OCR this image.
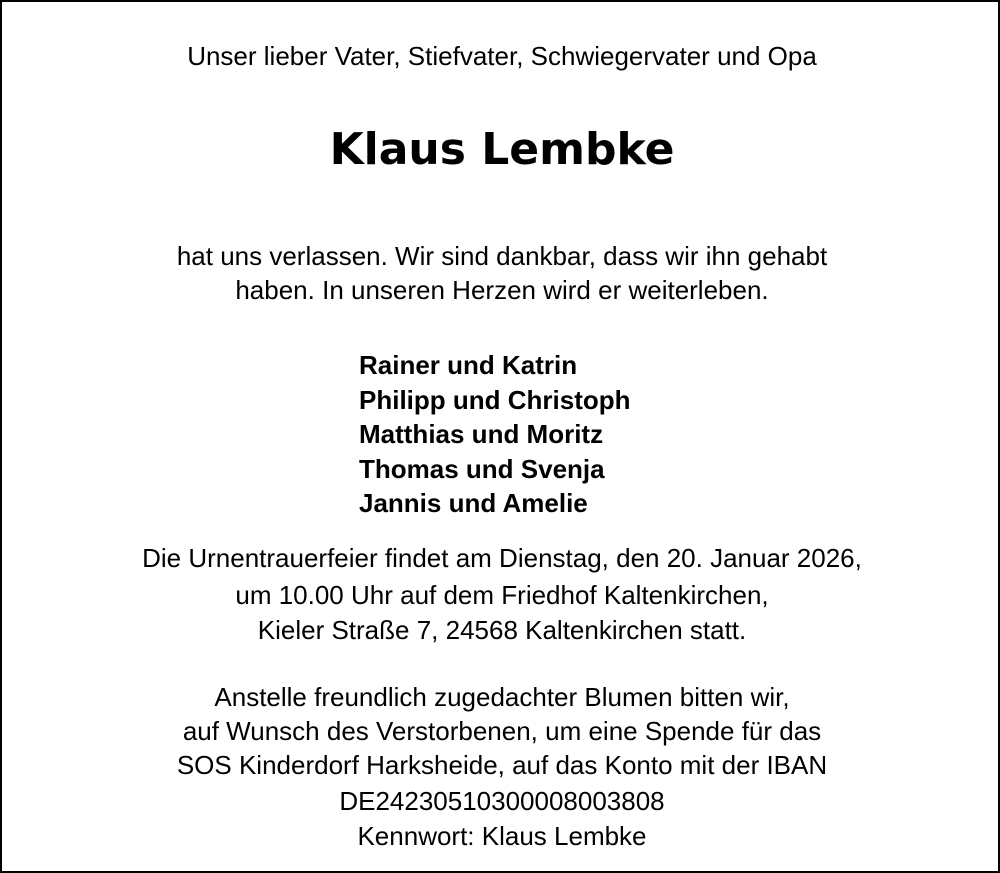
Unser lieber Vater, Stiefvater, Schwiegervater und Opa
Klaus Lembke
hat uns verlassen. Wir sind dankbar, dass wir ihn gehabt
haben. In unseren Herzen wird er weiterleben.
Rainer und Katrin
Philipp und Christoph
Matthias und Moritz
Thomas und Svenja
Jannis und Amelie
Die Urnentrauerfeier findet am Dienstag, den 20. Januar 2026,
um 10.00 Uhr auf dem Friedhof Kaltenkirchen,
Kieler Straße 7, 24568 Kaltenkirchen statt.
Anstelle freundlich zugedachter Blumen bitten wir,
auf Wunsch des Verstorbenen, um eine Spende für das
SOS Kinderdorf Harksheide, auf das Konto mit der IBAN
DE24230510300008003808
Kennwort: Klaus Lembke
